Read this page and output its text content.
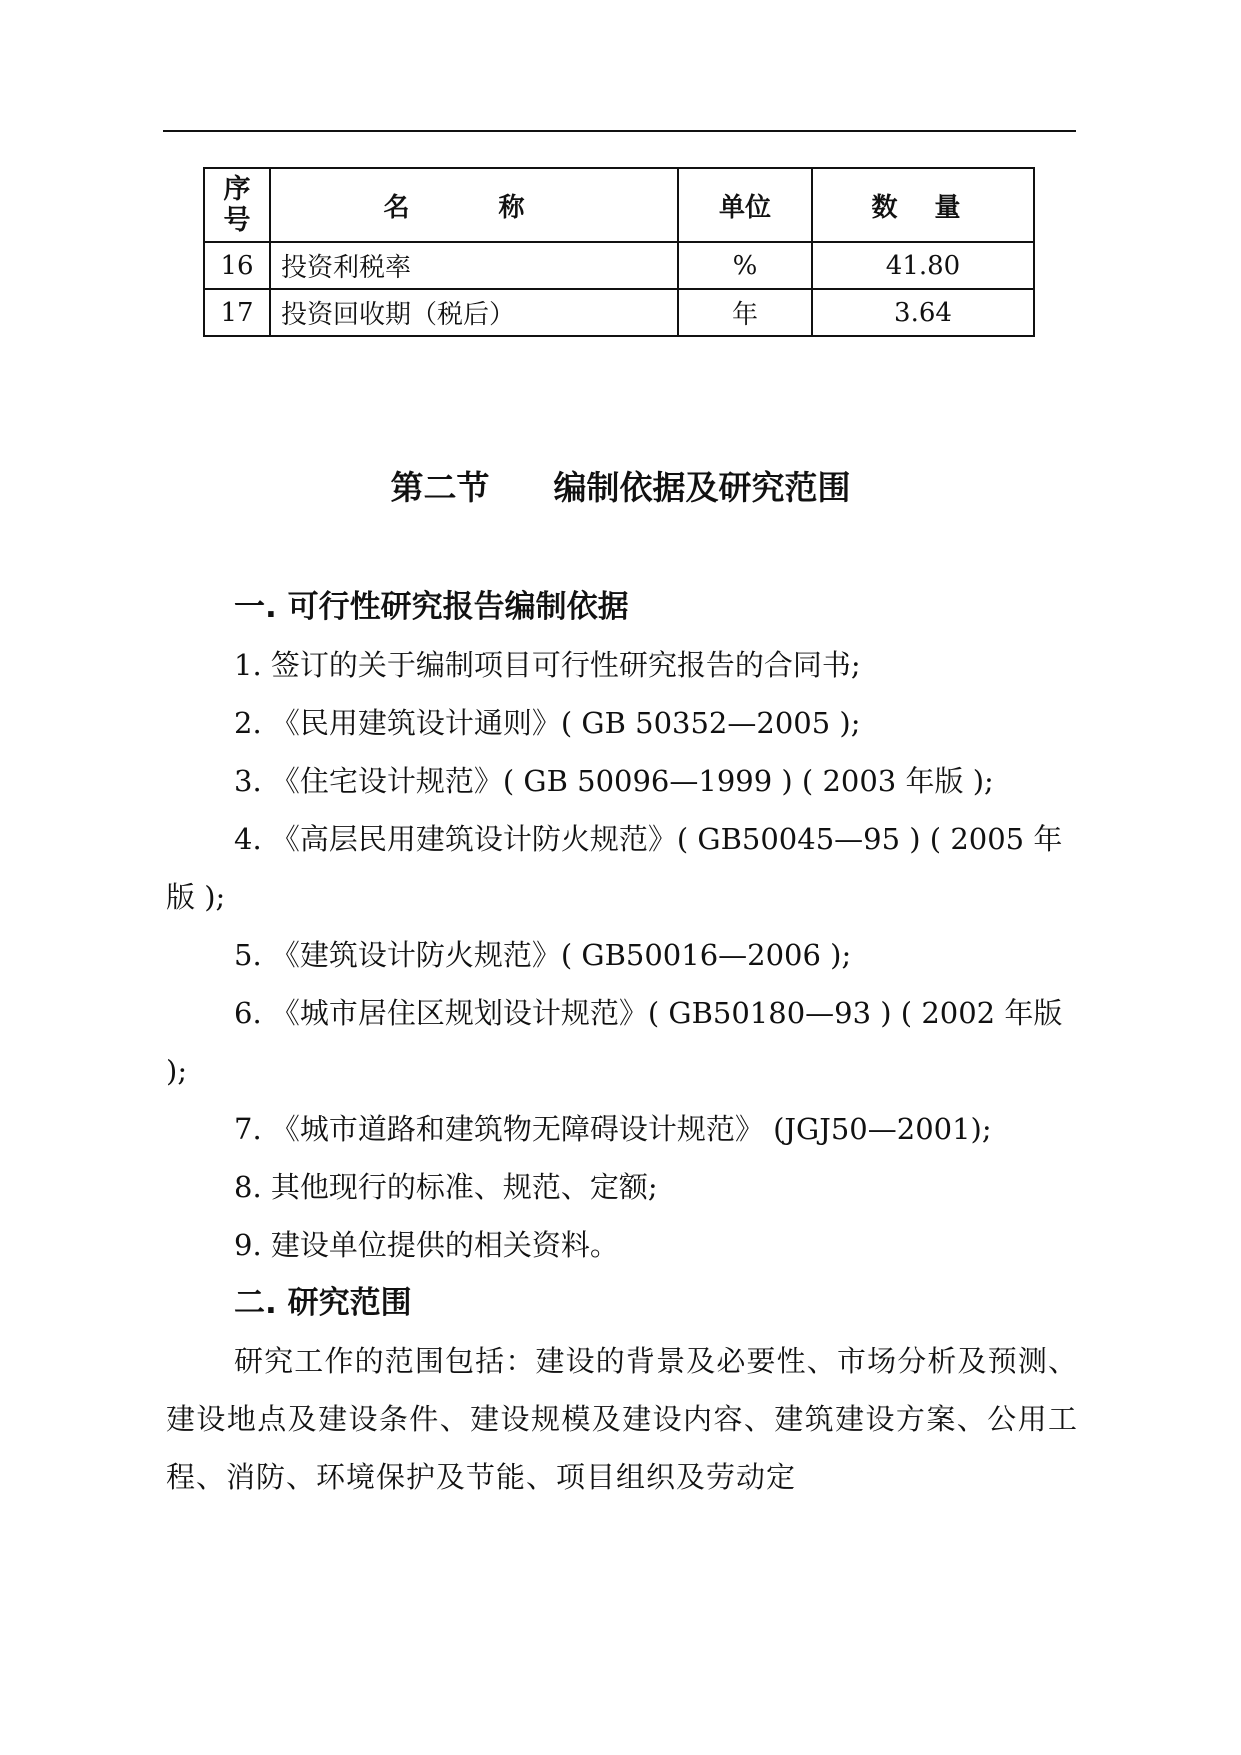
序号	名 称	单位	数 量
16	投资利税率	%	41.80
17	投资回收期（税后）	年	3.64
第二节 编制依据及研究范围
一. 可行性研究报告编制依据
1. 签订的关于编制项目可行性研究报告的合同书;
2. 《民用建筑设计通则》( GB 50352—2005 );
3. 《住宅设计规范》( GB 50096—1999 ) ( 2003 年版 );
4. 《高层民用建筑设计防火规范》( GB50045—95 ) ( 2005 年版 );
5. 《建筑设计防火规范》( GB50016—2006 );
6. 《城市居住区规划设计规范》( GB50180—93 ) ( 2002 年版 );
7. 《城市道路和建筑物无障碍设计规范》 (JGJ50—2001);
8. 其他现行的标准、规范、定额;
9. 建设单位提供的相关资料。
二. 研究范围
研究工作的范围包括：建设的背景及必要性、市场分析及预测、建设地点及建设条件、建设规模及建设内容、建筑建设方案、公用工程、消防、环境保护及节能、项目组织及劳动定
